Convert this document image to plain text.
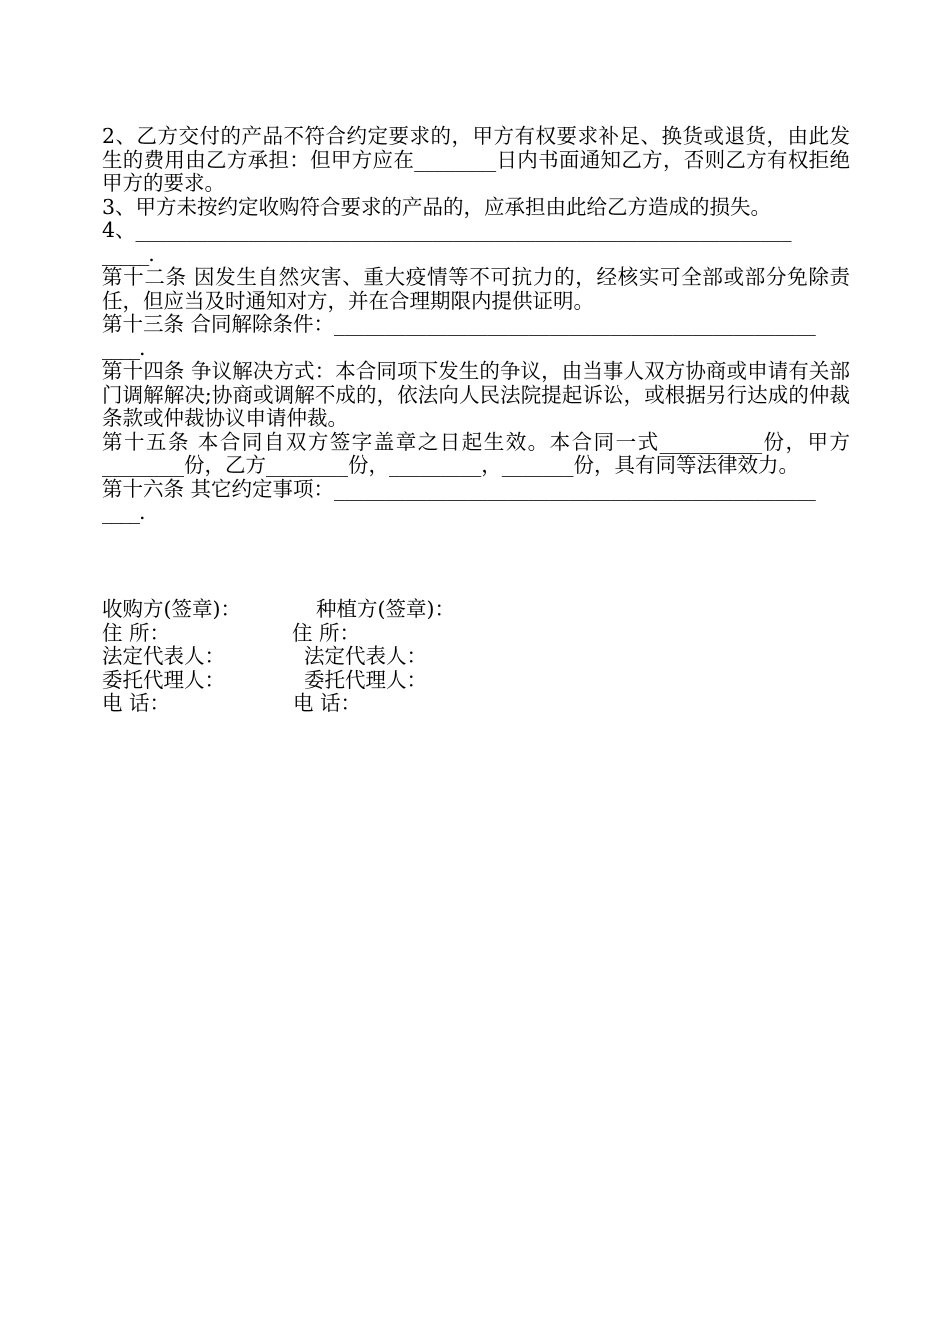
2、乙方交付的产品不符合约定要求的，甲方有权要求补足、换货或退货，由此发生的费用由乙方承担：但甲方应在________日内书面通知乙方，否则乙方有权拒绝甲方的要求。

3、甲方未按约定收购符合要求的产品的，应承担由此给乙方造成的损失。

4、________________________________________________________________

_____.

第十二条 因发生自然灾害、重大疫情等不可抗力的，经核实可全部或部分免除责任，但应当及时通知对方，并在合理期限内提供证明。

第十三条 合同解除条件：_______________________________________________

____.

第十四条 争议解决方式：本合同项下发生的争议，由当事人双方协商或申请有关部门调解解决;协商或调解不成的，依法向人民法院提起诉讼，或根据另行达成的仲裁条款或仲裁协议申请仲裁。

第十五条 本合同自双方签字盖章之日起生效。本合同一式__________份，甲方________份，乙方________份，_________，_______份，具有同等法律效力。

第十六条 其它约定事项：_______________________________________________

____.

收购方(签章)：	种植方(签章)：
住 所：	住 所：
法定代表人：	法定代表人：
委托代理人：	委托代理人：
电 话：	电 话：
